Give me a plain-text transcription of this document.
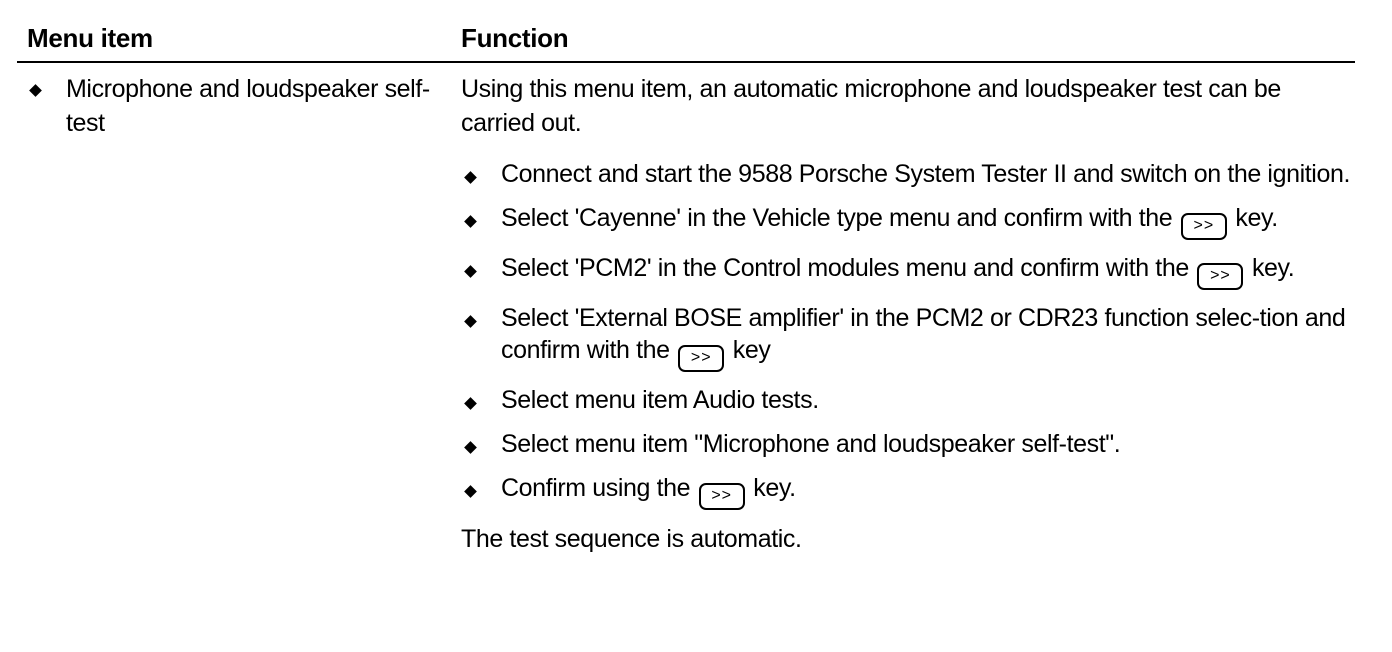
Menu item	Function
Microphone and loudspeaker self-test

Using this menu item, an automatic microphone and loudspeaker test can be carried out.

Connect and start the 9588 Porsche System Tester II and switch on the ignition.
Select 'Cayenne' in the Vehicle type menu and confirm with the >> key.
Select 'PCM2' in the Control modules menu and confirm with the >> key.
Select 'External BOSE amplifier' in the PCM2 or CDR23 function selec-tion and confirm with the >> key
Select menu item Audio tests.
Select menu item "Microphone and loudspeaker self-test".
Confirm using the >> key.

The test sequence is automatic.
